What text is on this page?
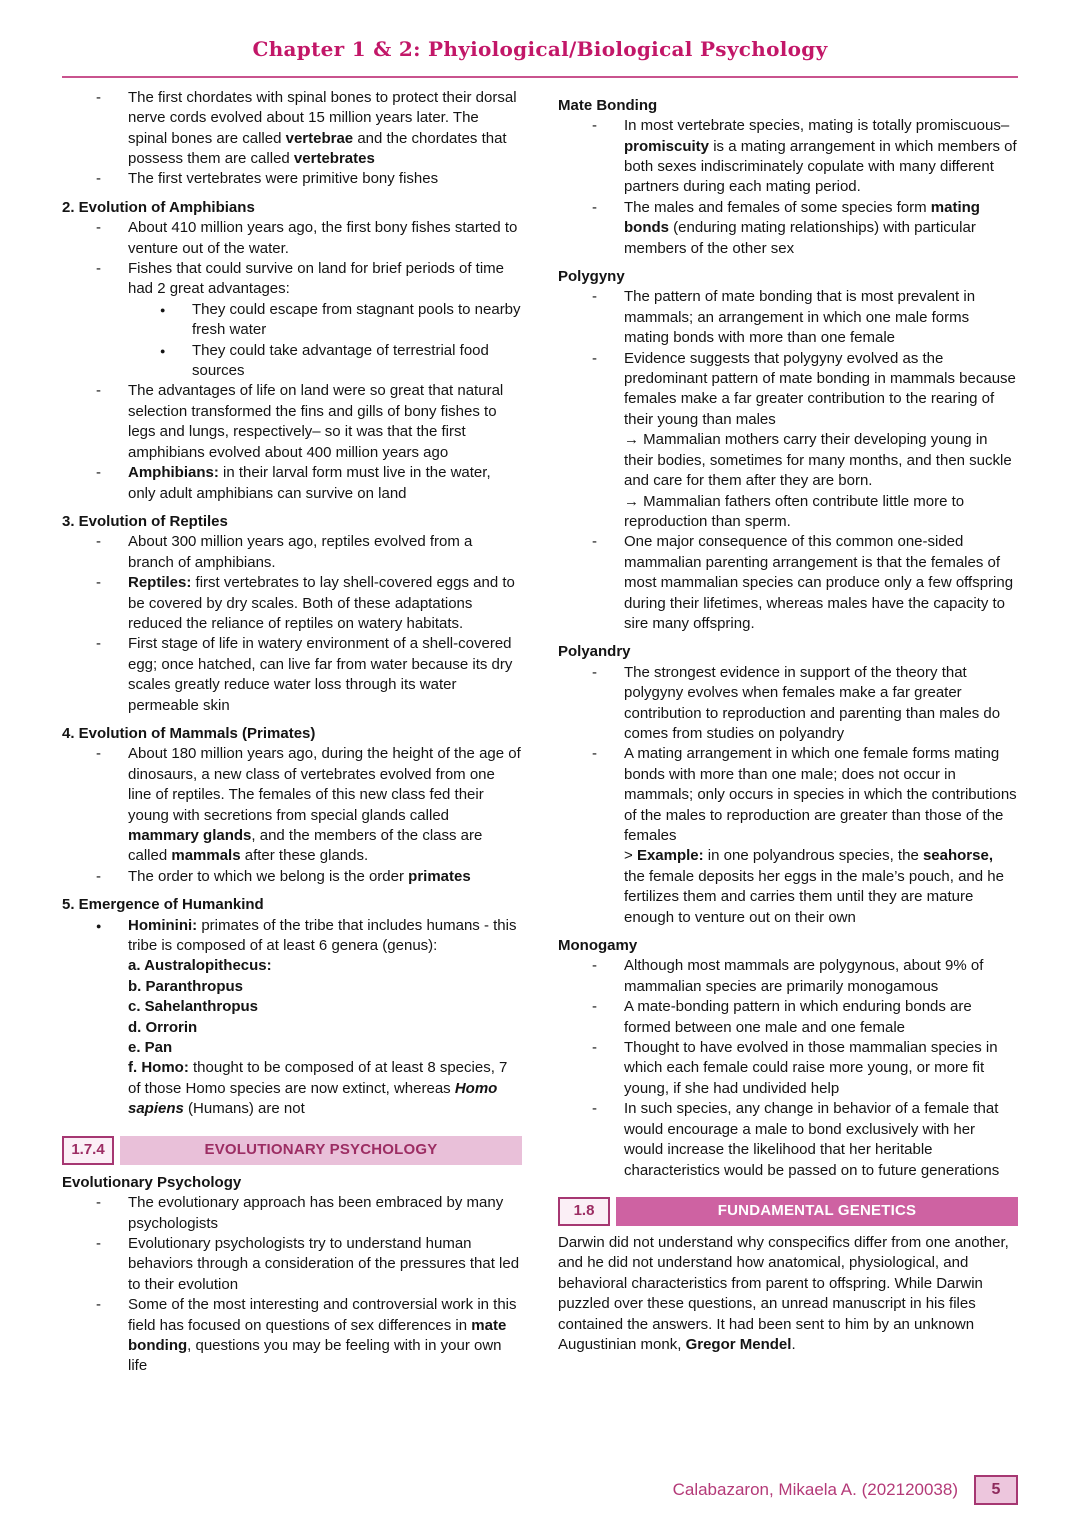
Chapter 1 & 2: Phyiological/Biological Psychology
-	The first chordates with spinal bones to protect their dorsal nerve cords evolved about 15 million years later. The spinal bones are called vertebrae and the chordates that possess them are called vertebrates
-	The first vertebrates were primitive bony fishes
2. Evolution of Amphibians
-	About 410 million years ago, the first bony fishes started to venture out of the water.
-	Fishes that could survive on land for brief periods of time had 2 great advantages:
●	They could escape from stagnant pools to nearby fresh water
●	They could take advantage of terrestrial food sources
-	The advantages of life on land were so great that natural selection transformed the fins and gills of bony fishes to legs and lungs, respectively– so it was that the first amphibians evolved about 400 million years ago
-	Amphibians: in their larval form must live in the water, only adult amphibians can survive on land
3. Evolution of Reptiles
-	About 300 million years ago, reptiles evolved from a branch of amphibians.
-	Reptiles: first vertebrates to lay shell-covered eggs and to be covered by dry scales. Both of these adaptations reduced the reliance of reptiles on watery habitats.
-	First stage of life in watery environment of a shell-covered egg; once hatched, can live far from water because its dry scales greatly reduce water loss through its water permeable skin
4. Evolution of Mammals (Primates)
-	About 180 million years ago, during the height of the age of dinosaurs, a new class of vertebrates evolved from one line of reptiles. The females of this new class fed their young with secretions from special glands called mammary glands, and the members of the class are called mammals after these glands.
-	The order to which we belong is the order primates
5. Emergence of Humankind
●	Hominini: primates of the tribe that includes humans - this tribe is composed of at least 6 genera (genus):
a. Australopithecus:
b. Paranthropus
c. Sahelanthropus
d. Orrorin
e. Pan
f. Homo: thought to be composed of at least 8 species, 7 of those Homo species are now extinct, whereas Homo sapiens (Humans) are not
1.7.4	EVOLUTIONARY PSYCHOLOGY
Evolutionary Psychology
-	The evolutionary approach has been embraced by many psychologists
-	Evolutionary psychologists try to understand human behaviors through a consideration of the pressures that led to their evolution
-	Some of the most interesting and controversial work in this field has focused on questions of sex differences in mate bonding, questions you may be feeling with in your own life
Mate Bonding
-	In most vertebrate species, mating is totally promiscuous– promiscuity is a mating arrangement in which members of both sexes indiscriminately copulate with many different partners during each mating period.
-	The males and females of some species form mating bonds (enduring mating relationships) with particular members of the other sex
Polygyny
-	The pattern of mate bonding that is most prevalent in mammals; an arrangement in which one male forms mating bonds with more than one female
-	Evidence suggests that polygyny evolved as the predominant pattern of mate bonding in mammals because females make a far greater contribution to the rearing of their young than males
→ Mammalian mothers carry their developing young in their bodies, sometimes for many months, and then suckle and care for them after they are born.
→ Mammalian fathers often contribute little more to reproduction than sperm.
-	One major consequence of this common one-sided mammalian parenting arrangement is that the females of most mammalian species can produce only a few offspring during their lifetimes, whereas males have the capacity to sire many offspring.
Polyandry
-	The strongest evidence in support of the theory that polygyny evolves when females make a far greater contribution to reproduction and parenting than males do comes from studies on polyandry
-	A mating arrangement in which one female forms mating bonds with more than one male; does not occur in mammals; only occurs in species in which the contributions of the males to reproduction are greater than those of the females
> Example: in one polyandrous species, the seahorse, the female deposits her eggs in the male’s pouch, and he fertilizes them and carries them until they are mature enough to venture out on their own
Monogamy
-	Although most mammals are polygynous, about 9% of mammalian species are primarily monogamous
-	A mate-bonding pattern in which enduring bonds are formed between one male and one female
-	Thought to have evolved in those mammalian species in which each female could raise more young, or more fit young, if she had undivided help
-	In such species, any change in behavior of a female that would encourage a male to bond exclusively with her would increase the likelihood that her heritable characteristics would be passed on to future generations
1.8	FUNDAMENTAL GENETICS
Darwin did not understand why conspecifics differ from one another, and he did not understand how anatomical, physiological, and behavioral characteristics from parent to offspring. While Darwin puzzled over these questions, an unread manuscript in his files contained the answers. It had been sent to him by an unknown Augustinian monk, Gregor Mendel.
Calabazaron, Mikaela A. (202120038)	5
